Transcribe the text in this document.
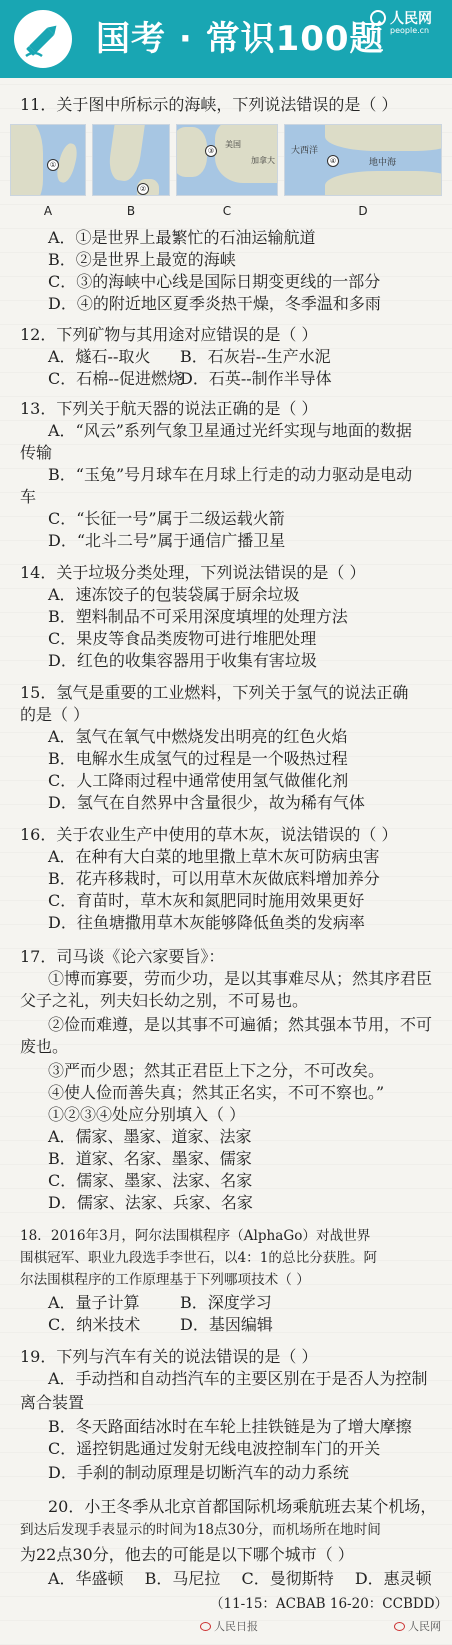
国考 · 常识100题 人民网
people.cn
11．关于图中所标示的海峡，下列说法错误的是（ ）
①
A
②
B
美国
加拿大
③
C
大西洋
地中海
④
D
A．①是世界上最繁忙的石油运输航道
B．②是世界上最宽的海峡
C．③的海峡中心线是国际日期变更线的一部分
D．④的附近地区夏季炎热干燥，冬季温和多雨
12．下列矿物与其用途对应错误的是（ ）
A．燧石--取火 B．石灰岩--生产水泥
C．石棉--促进燃烧
D．石英--制作半导体
13．下列关于航天器的说法正确的是（ ）
A．“风云”系列气象卫星通过光纤实现与地面的数据
传输
B．“玉兔”号月球车在月球上行走的动力驱动是电动
车
C．“长征一号”属于二级运载火箭
D．“北斗二号”属于通信广播卫星
14．关于垃圾分类处理，下列说法错误的是（ ）
A．速冻饺子的包装袋属于厨余垃圾
B．塑料制品不可采用深度填埋的处理方法
C．果皮等食品类废物可进行堆肥处理
D．红色的收集容器用于收集有害垃圾
15．氢气是重要的工业燃料，下列关于氢气的说法正确
的是（ ）
A．氢气在氧气中燃烧发出明亮的红色火焰
B．电解水生成氢气的过程是一个吸热过程
C．人工降雨过程中通常使用氢气做催化剂
D．氢气在自然界中含量很少，故为稀有气体
16．关于农业生产中使用的草木灰，说法错误的（ ）
A．在种有大白菜的地里撒上草木灰可防病虫害
B．花卉移栽时，可以用草木灰做底料增加养分
C．育苗时，草木灰和氮肥同时施用效果更好
D．往鱼塘撒用草木灰能够降低鱼类的发病率
17．司马谈《论六家要旨》：
①博而寡要，劳而少功，是以其事难尽从；然其序君臣
父子之礼，列夫妇长幼之别，不可易也。
②俭而难遵，是以其事不可遍循；然其强本节用，不可
废也。
③严而少恩；然其正君臣上下之分，不可改矣。
④使人俭而善失真；然其正名实，不可不察也。”
①②③④处应分别填入（ ）
A．儒家、墨家、道家、法家
B．道家、名家、墨家、儒家
C．儒家、墨家、法家、名家
D．儒家、法家、兵家、名家
18．2016年3月，阿尔法围棋程序（AlphaGo）对战世界
围棋冠军、职业九段选手李世石，以4：1的总比分获胜。阿
尔法围棋程序的工作原理基于下列哪项技术（ ）
A．量子计算	B．深度学习
C．纳米技术 D．基因编辑
19．下列与汽车有关的说法错误的是（ ）
A．手动挡和自动挡汽车的主要区别在于是否人为控制
离合装置
B．冬天路面结冰时在车轮上挂铁链是为了增大摩擦
C．遥控钥匙通过发射无线电波控制车门的开关
D．手刹的制动原理是切断汽车的动力系统
20．小王冬季从北京首都国际机场乘航班去某个机场，
到达后发现手表显示的时间为18点30分，而机场所在地时间
为22点30分，他去的可能是以下哪个城市（ ）
A．华盛顿　 B．马尼拉　 C．曼彻斯特　 D．惠灵顿
（11-15：ACBAB 16-20：CCBDD）
人民日报	人民网
